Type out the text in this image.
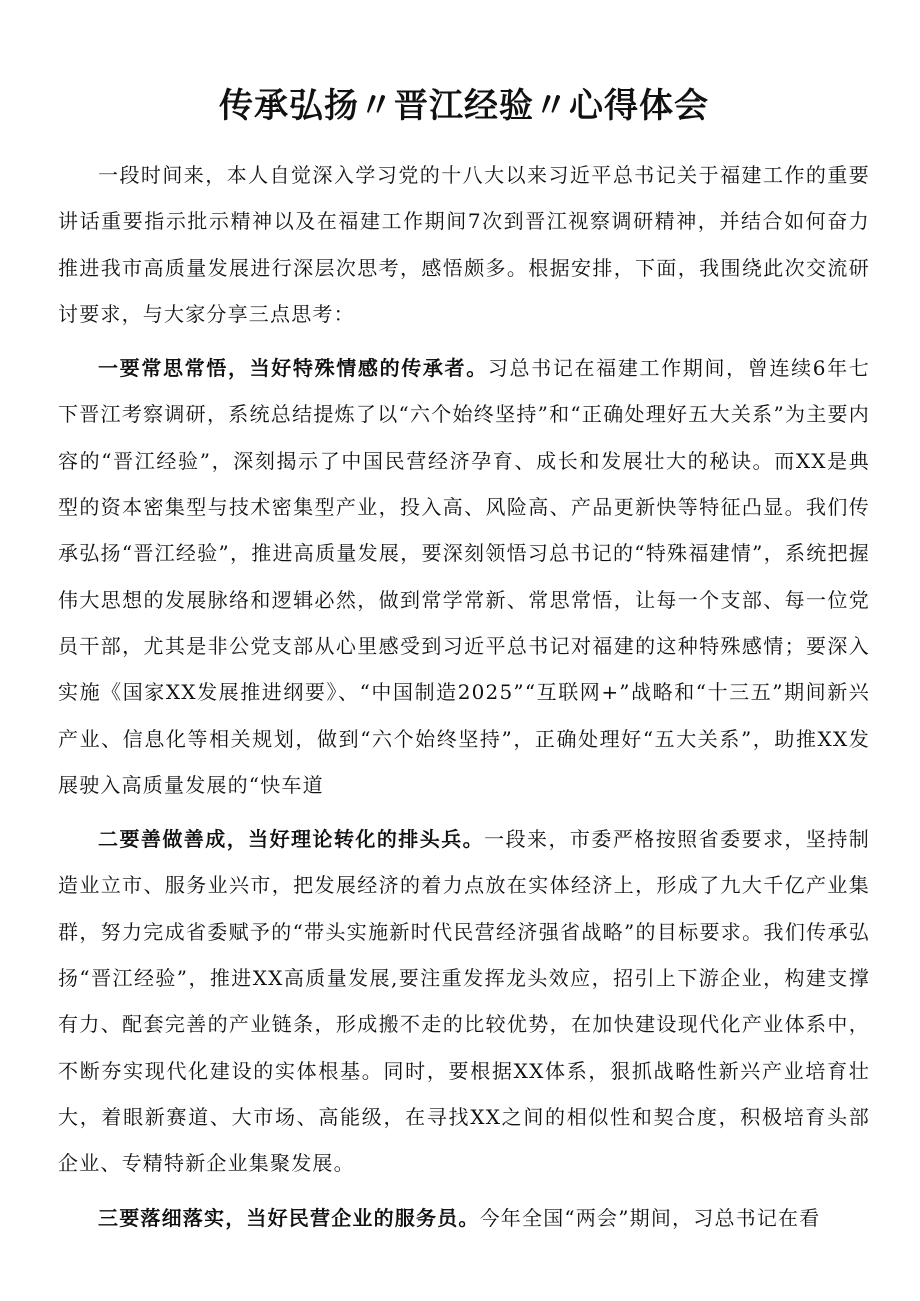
传承弘扬〃晋江经验〃心得体会

一段时间来，本人自觉深入学习党的十八大以来习近平总书记关于福建工作的重要讲话重要指示批示精神以及在福建工作期间7次到晋江视察调研精神，并结合如何奋力推进我市高质量发展进行深层次思考，感悟颇多。根据安排，下面，我围绕此次交流研讨要求，与大家分享三点思考：

一要常思常悟，当好特殊情感的传承者。习总书记在福建工作期间，曾连续6年七下晋江考察调研，系统总结提炼了以“六个始终坚持”和“正确处理好五大关系”为主要内容的“晋江经验”，深刻揭示了中国民营经济孕育、成长和发展壮大的秘诀。而XX是典型的资本密集型与技术密集型产业，投入高、风险高、产品更新快等特征凸显。我们传承弘扬“晋江经验”，推进高质量发展，要深刻领悟习总书记的“特殊福建情”，系统把握伟大思想的发展脉络和逻辑必然，做到常学常新、常思常悟，让每一个支部、每一位党员干部，尤其是非公党支部从心里感受到习近平总书记对福建的这种特殊感情；要深入实施《国家XX发展推进纲要》、“中国制造2025”“互联网+”战略和“十三五”期间新兴产业、信息化等相关规划，做到“六个始终坚持”，正确处理好“五大关系”，助推XX发展驶入高质量发展的“快车道

二要善做善成，当好理论转化的排头兵。一段来，市委严格按照省委要求，坚持制造业立市、服务业兴市，把发展经济的着力点放在实体经济上，形成了九大千亿产业集群，努力完成省委赋予的“带头实施新时代民营经济强省战略”的目标要求。我们传承弘扬“晋江经验”，推进XX高质量发展,要注重发挥龙头效应，招引上下游企业，构建支撑有力、配套完善的产业链条，形成搬不走的比较优势，在加快建设现代化产业体系中，不断夯实现代化建设的实体根基。同时，要根据XX体系，狠抓战略性新兴产业培育壮大，着眼新赛道、大市场、高能级，在寻找XX之间的相似性和契合度，积极培育头部企业、专精特新企业集聚发展。

三要落细落实，当好民营企业的服务员。今年全国“两会”期间，习总书记在看
